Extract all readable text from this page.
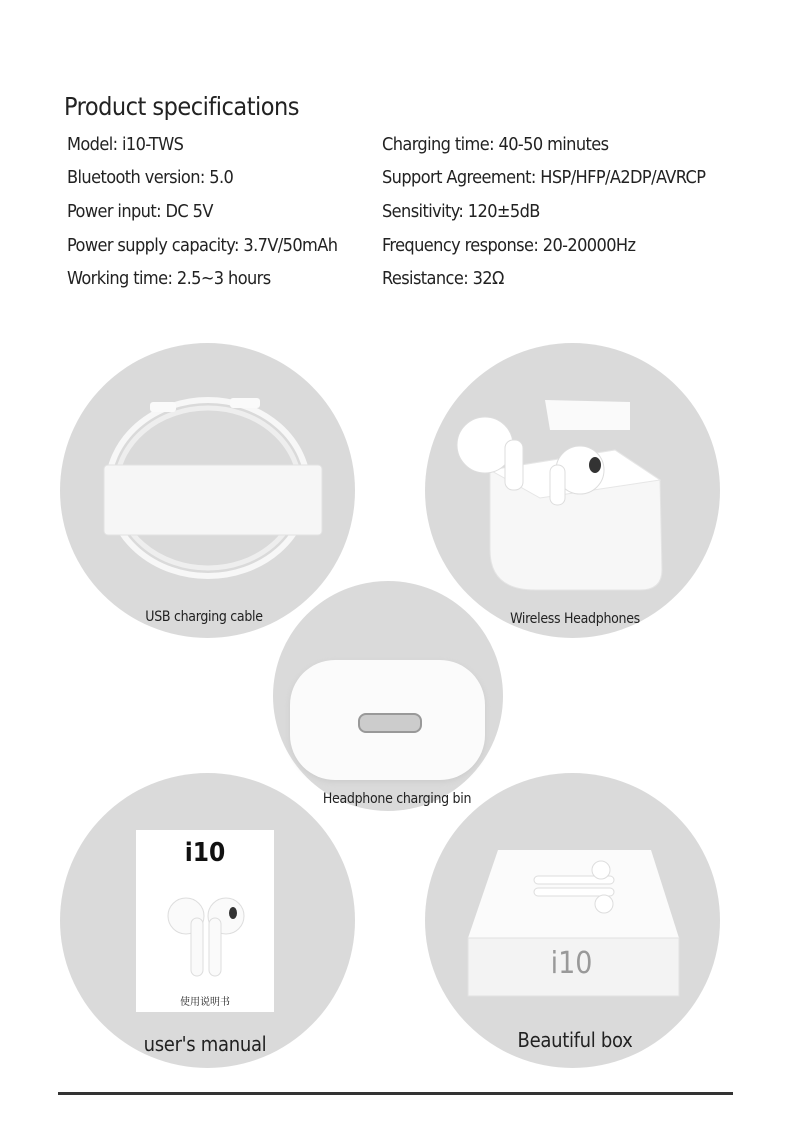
Product specifications
Model: i10-TWS
Bluetooth version: 5.0
Power input: DC 5V
Power supply capacity: 3.7V/50mAh
Working time: 2.5~3 hours
Charging time: 40-50 minutes
Support Agreement: HSP/HFP/A2DP/AVRCP
Sensitivity: 120±5dB
Frequency response: 20-20000Hz
Resistance: 32Ω
USB charging cable	Wireless Headphones
Headphone charging bin
i10
使用说明书
user's manual
i10
Beautiful box
